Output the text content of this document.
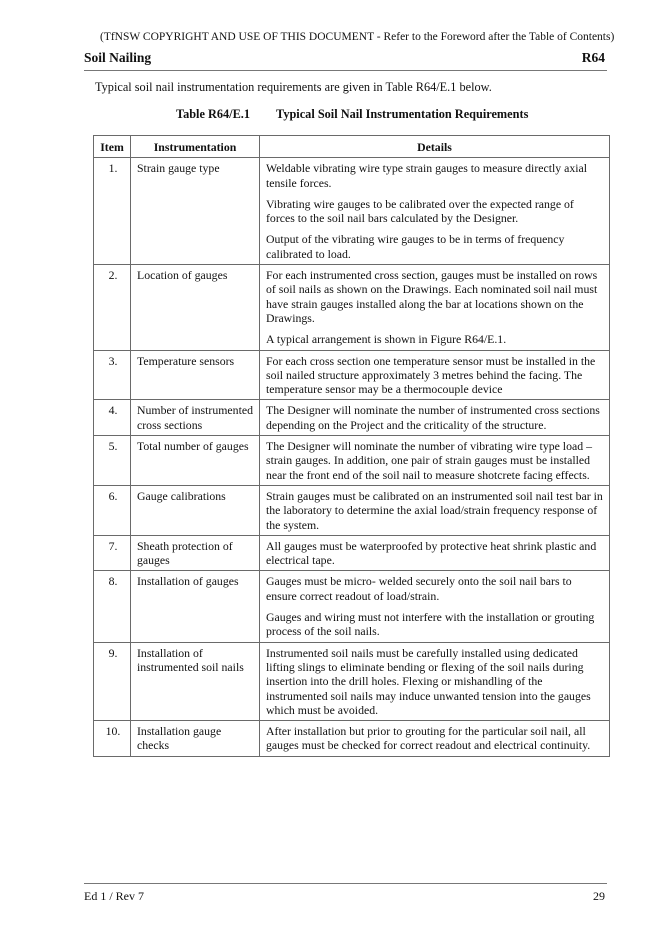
(TfNSW COPYRIGHT AND USE OF THIS DOCUMENT - Refer to the Foreword after the Table of Contents)
Soil Nailing	R64
Typical soil nail instrumentation requirements are given in Table R64/E.1 below.
Table R64/E.1 Typical Soil Nail Instrumentation Requirements
Item	Instrumentation	Details
1.	Strain gauge type	Weldable vibrating wire type strain gauges to measure directly axial tensile forces.

Vibrating wire gauges to be calibrated over the expected range of forces to the soil nail bars calculated by the Designer.

Output of the vibrating wire gauges to be in terms of frequency calibrated to load.

2.	Location of gauges	For each instrumented cross section, gauges must be installed on rows of soil nails as shown on the Drawings. Each nominated soil nail must have strain gauges installed along the bar at locations shown on the Drawings.

A typical arrangement is shown in Figure R64/E.1.

3.	Temperature sensors	For each cross section one temperature sensor must be installed in the soil nailed structure approximately 3 metres behind the facing. The temperature sensor may be a thermocouple device

4.	Number of instrumented cross sections	The Designer will nominate the number of instrumented cross sections depending on the Project and the criticality of the structure.

5.	Total number of gauges	The Designer will nominate the number of vibrating wire type load – strain gauges. In addition, one pair of strain gauges must be installed near the front end of the soil nail to measure shotcrete facing effects.

6.	Gauge calibrations	Strain gauges must be calibrated on an instrumented soil nail test bar in the laboratory to determine the axial load/strain frequency response of the system.

7.	Sheath protection of gauges	All gauges must be waterproofed by protective heat shrink plastic and electrical tape.

8.	Installation of gauges	Gauges must be micro- welded securely onto the soil nail bars to ensure correct readout of load/strain.

Gauges and wiring must not interfere with the installation or grouting process of the soil nails.

9.	Installation of instrumented soil nails	Instrumented soil nails must be carefully installed using dedicated lifting slings to eliminate bending or flexing of the soil nails during insertion into the drill holes. Flexing or mishandling of the instrumented soil nails may induce unwanted tension into the gauges which must be avoided.

10.	Installation gauge checks	After installation but prior to grouting for the particular soil nail, all gauges must be checked for correct readout and electrical continuity.

Ed 1 / Rev 7	29
